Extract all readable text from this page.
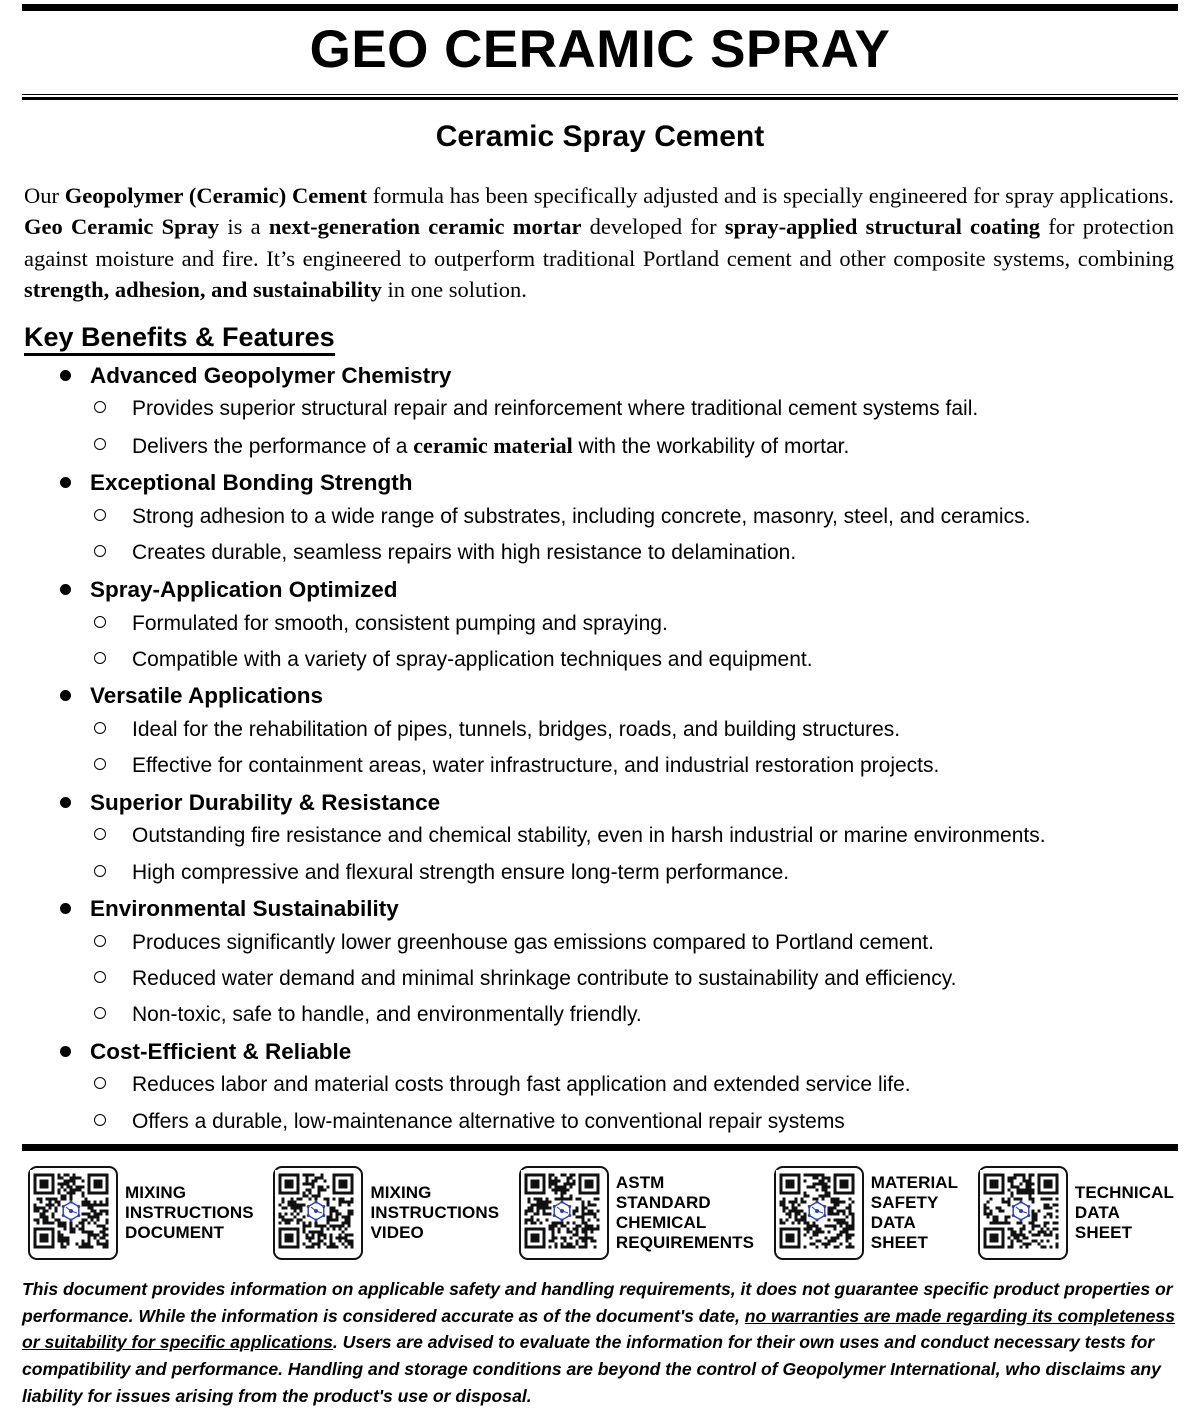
GEO CERAMIC SPRAY
Ceramic Spray Cement

Our Geopolymer (Ceramic) Cement formula has been specifically adjusted and is specially engineered for spray applications. Geo Ceramic Spray is a next-generation ceramic mortar developed for spray-applied structural coating for protection against moisture and fire. It’s engineered to outperform traditional Portland cement and other composite systems, combining strength, adhesion, and sustainability in one solution.

Key Benefits & Features
Advanced Geopolymer Chemistry
Provides superior structural repair and reinforcement where traditional cement systems fail.
Delivers the performance of a ceramic material with the workability of mortar.
Exceptional Bonding Strength
Strong adhesion to a wide range of substrates, including concrete, masonry, steel, and ceramics.
Creates durable, seamless repairs with high resistance to delamination.
Spray-Application Optimized
Formulated for smooth, consistent pumping and spraying.
Compatible with a variety of spray-application techniques and equipment.
Versatile Applications
Ideal for the rehabilitation of pipes, tunnels, bridges, roads, and building structures.
Effective for containment areas, water infrastructure, and industrial restoration projects.
Superior Durability & Resistance
Outstanding fire resistance and chemical stability, even in harsh industrial or marine environments.
High compressive and flexural strength ensure long-term performance.
Environmental Sustainability
Produces significantly lower greenhouse gas emissions compared to Portland cement.
Reduced water demand and minimal shrinkage contribute to sustainability and efficiency.
Non-toxic, safe to handle, and environmentally friendly.
Cost-Efficient & Reliable
Reduces labor and material costs through fast application and extended service life.
Offers a durable, low-maintenance alternative to conventional repair systems
MIXING
INSTRUCTIONS
DOCUMENT
MIXING
INSTRUCTIONS
VIDEO
ASTM
STANDARD
CHEMICAL
REQUIREMENTS
MATERIAL
SAFETY
DATA
SHEET
TECHNICAL
DATA
SHEET
This document provides information on applicable safety and handling requirements, it does not guarantee specific product properties or performance. While the information is considered accurate as of the document's date, no warranties are made regarding its completeness or suitability for specific applications. Users are advised to evaluate the information for their own uses and conduct necessary tests for compatibility and performance. Handling and storage conditions are beyond the control of Geopolymer International, who disclaims any liability for issues arising from the product's use or disposal.
